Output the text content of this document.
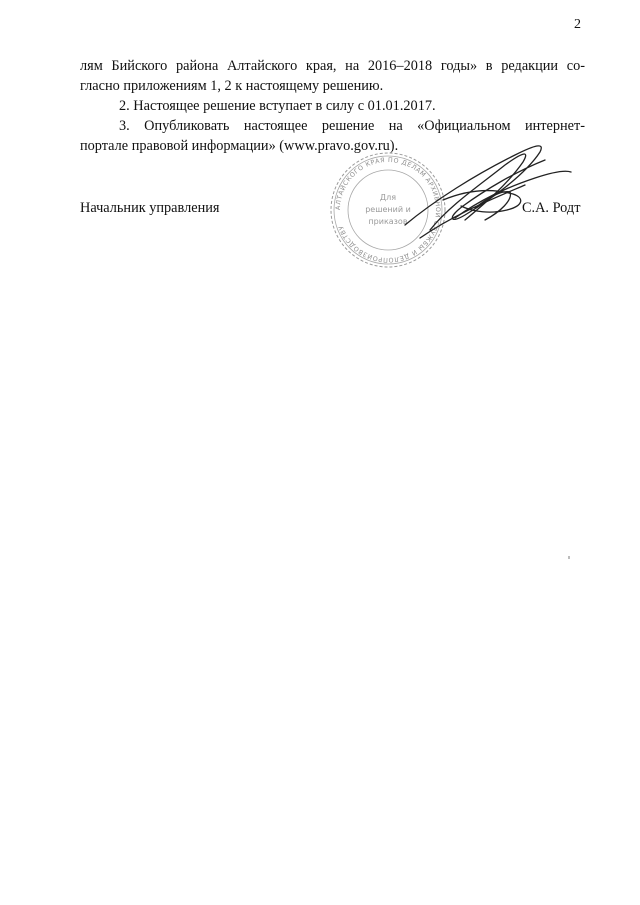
2

лям Бийского района Алтайского края, на 2016–2018 годы» в редакции со-
гласно приложениям 1, 2 к настоящему решению.

2. Настоящее решение вступает в силу с 01.01.2017.

3. Опубликовать настоящее решение на «Официальном интернет-
портале правовой информации» (www.pravo.gov.ru).

Начальник управления	С.А. Родт
АЛТАЙСКОГО КРАЯ ПО ДЕЛАМ АРХИВНОЙ СЛУЖБЫ И ДЕЛОПРОИЗВОДСТВУ
Для
решений и
приказов
